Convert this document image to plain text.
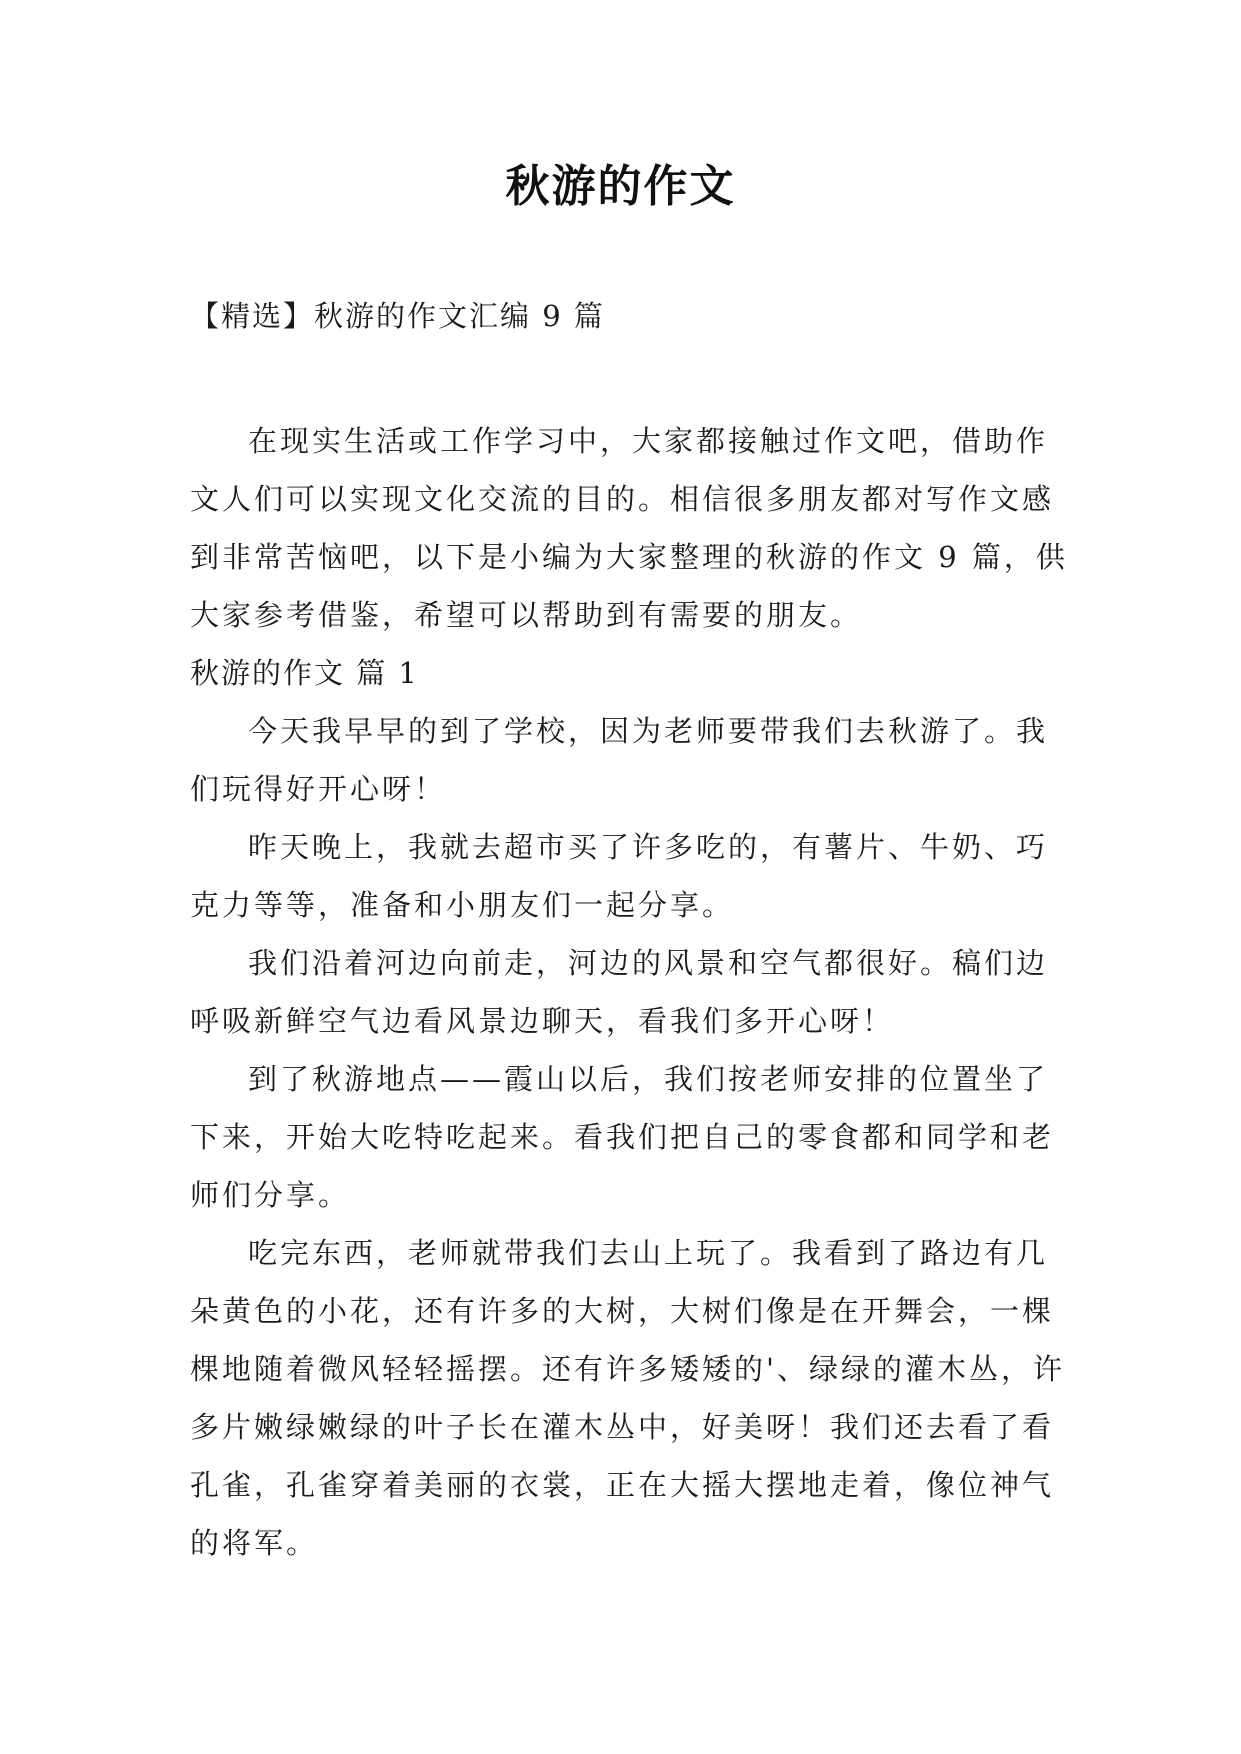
秋游的作文
【精选】秋游的作文汇编 9 篇

在现实生活或工作学习中，大家都接触过作文吧，借助作文人们可以实现文化交流的目的。相信很多朋友都对写作文感到非常苦恼吧，以下是小编为大家整理的秋游的作文 9 篇，供大家参考借鉴，希望可以帮助到有需要的朋友。

秋游的作文 篇 1

今天我早早的到了学校，因为老师要带我们去秋游了。我们玩得好开心呀！

昨天晚上，我就去超市买了许多吃的，有薯片、牛奶、巧克力等等，准备和小朋友们一起分享。

我们沿着河边向前走，河边的风景和空气都很好。稿们边呼吸新鲜空气边看风景边聊天，看我们多开心呀！

到了秋游地点——霞山以后，我们按老师安排的位置坐了下来，开始大吃特吃起来。看我们把自己的零食都和同学和老师们分享。

吃完东西，老师就带我们去山上玩了。我看到了路边有几朵黄色的小花，还有许多的大树，大树们像是在开舞会，一棵棵地随着微风轻轻摇摆。还有许多矮矮的'、绿绿的灌木丛，许多片嫩绿嫩绿的叶子长在灌木丛中，好美呀！我们还去看了看孔雀，孔雀穿着美丽的衣裳，正在大摇大摆地走着，像位神气的将军。
